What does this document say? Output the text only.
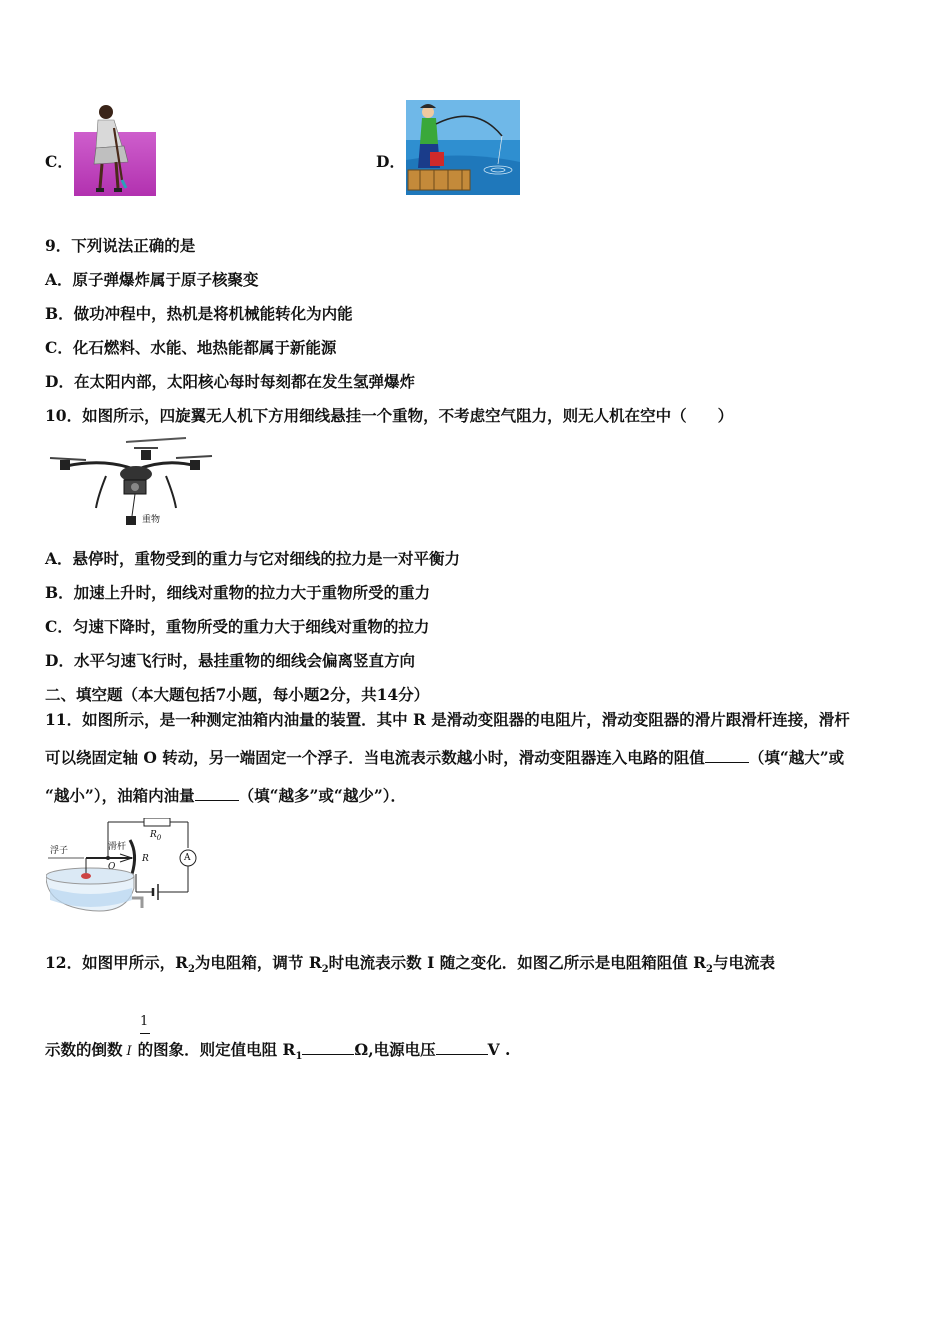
C．	D．
9．下列说法正确的是
A．原子弹爆炸属于原子核聚变
B．做功冲程中，热机是将机械能转化为内能
C．化石燃料、水能、地热能都属于新能源
D．在太阳内部，太阳核心每时每刻都在发生氢弹爆炸
10．如图所示，四旋翼无人机下方用细线悬挂一个重物，不考虑空气阻力，则无人机在空中（　　）
重物
A．悬停时，重物受到的重力与它对细线的拉力是一对平衡力
B．加速上升时，细线对重物的拉力大于重物所受的重力
C．匀速下降时，重物所受的重力大于细线对重物的拉力
D．水平匀速飞行时，悬挂重物的细线会偏离竖直方向
二、填空题（本大题包括7小题，每小题2分，共14分）
11．如图所示，是一种测定油箱内油量的装置．其中 R 是滑动变阻器的电阻片，滑动变阻器的滑片跟滑杆连接，滑杆
可以绕固定轴 O 转动，另一端固定一个浮子．当电流表示数越小时，滑动变阻器连入电路的阻值	（填“越大”或
“越小”），油箱内油量	（填“越多”或“越少”）．
浮子	滑杆
O
R
$R_0$
A
12．如图甲所示，$R_2$为电阻箱，调节 $R_2$时电流表示数 I 随之变化．如图乙所示是电阻箱阻值 $R_2$与电流表
1
示数的倒数 I 的图象．则定值电阻 $R_1$	Ω,电源电压	V .
